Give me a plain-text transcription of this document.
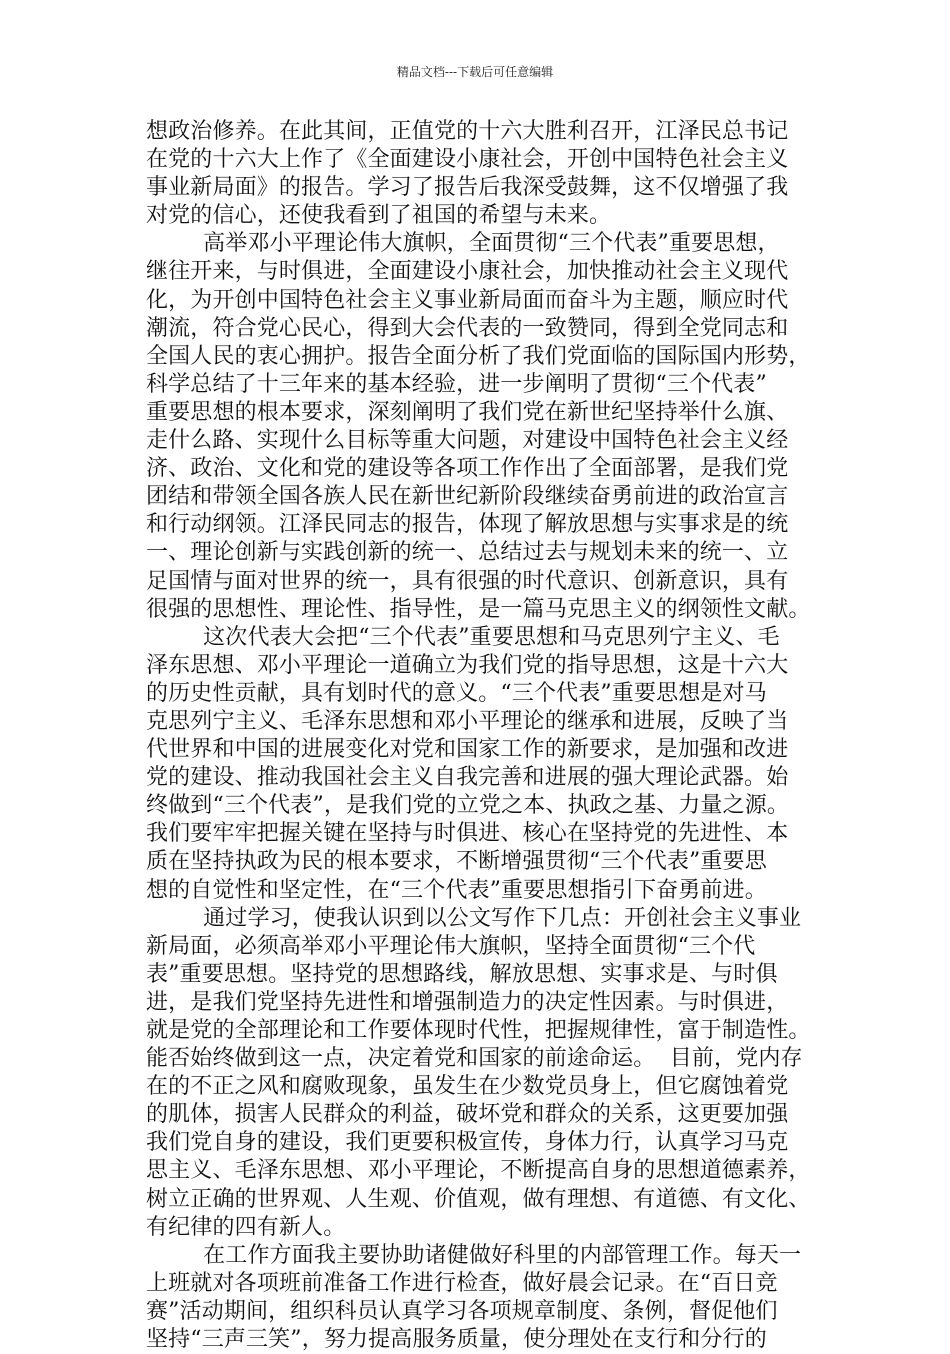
精品文档---下载后可任意编辑
想政治修养。在此其间，正值党的十六大胜利召开，江泽民总书记
在党的十六大上作了《全面建设小康社会，开创中国特色社会主义
事业新局面》的报告。学习了报告后我深受鼓舞，这不仅增强了我
对党的信心，还使我看到了祖国的希望与未来。
高举邓小平理论伟大旗帜，全面贯彻“三个代表”重要思想，
继往开来，与时俱进，全面建设小康社会，加快推动社会主义现代
化，为开创中国特色社会主义事业新局面而奋斗为主题，顺应时代
潮流，符合党心民心，得到大会代表的一致赞同，得到全党同志和
全国人民的衷心拥护。报告全面分析了我们党面临的国际国内形势，
科学总结了十三年来的基本经验，进一步阐明了贯彻“三个代表”
重要思想的根本要求，深刻阐明了我们党在新世纪坚持举什么旗、
走什么路、实现什么目标等重大问题，对建设中国特色社会主义经
济、政治、文化和党的建设等各项工作作出了全面部署，是我们党
团结和带领全国各族人民在新世纪新阶段继续奋勇前进的政治宣言
和行动纲领。江泽民同志的报告，体现了解放思想与实事求是的统
一、理论创新与实践创新的统一、总结过去与规划未来的统一、立
足国情与面对世界的统一，具有很强的时代意识、创新意识，具有
很强的思想性、理论性、指导性，是一篇马克思主义的纲领性文献。
这次代表大会把“三个代表”重要思想和马克思列宁主义、毛
泽东思想、邓小平理论一道确立为我们党的指导思想，这是十六大
的历史性贡献，具有划时代的意义。“三个代表”重要思想是对马
克思列宁主义、毛泽东思想和邓小平理论的继承和进展，反映了当
代世界和中国的进展变化对党和国家工作的新要求，是加强和改进
党的建设、推动我国社会主义自我完善和进展的强大理论武器。始
终做到“三个代表”，是我们党的立党之本、执政之基、力量之源。
我们要牢牢把握关键在坚持与时俱进、核心在坚持党的先进性、本
质在坚持执政为民的根本要求，不断增强贯彻“三个代表”重要思
想的自觉性和坚定性，在“三个代表”重要思想指引下奋勇前进。
通过学习，使我认识到以公文写作下几点：开创社会主义事业
新局面，必须高举邓小平理论伟大旗帜，坚持全面贯彻“三个代
表”重要思想。坚持党的思想路线，解放思想、实事求是、与时俱
进，是我们党坚持先进性和增强制造力的决定性因素。与时俱进，
就是党的全部理论和工作要体现时代性，把握规律性，富于制造性。
能否始终做到这一点，决定着党和国家的前途命运。  目前，党内存
在的不正之风和腐败现象，虽发生在少数党员身上，但它腐蚀着党
的肌体，损害人民群众的利益，破坏党和群众的关系，这更要加强
我们党自身的建设，我们更要积极宣传，身体力行，认真学习马克
思主义、毛泽东思想、邓小平理论，不断提高自身的思想道德素养，
树立正确的世界观、人生观、价值观，做有理想、有道德、有文化、
有纪律的四有新人。
在工作方面我主要协助诸健做好科里的内部管理工作。每天一
上班就对各项班前准备工作进行检查，做好晨会记录。在“百日竞
赛”活动期间，组织科员认真学习各项规章制度、条例，督促他们
坚持“三声三笑”，努力提高服务质量，使分理处在支行和分行的
